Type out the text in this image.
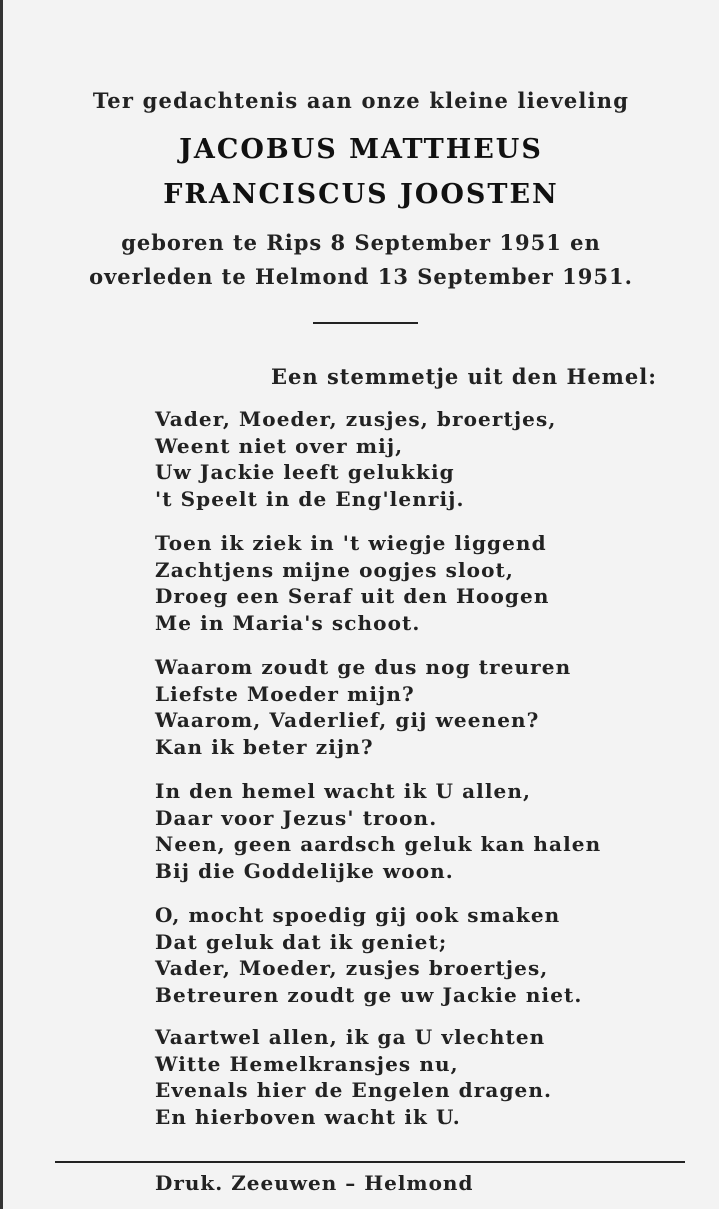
Ter gedachtenis aan onze kleine lieveling
JACOBUS MATTHEUS
FRANCISCUS JOOSTEN
geboren te Rips 8 September 1951 en
overleden te Helmond 13 September 1951.
Een stemmetje uit den Hemel:
Vader, Moeder, zusjes, broertjes,
Weent niet over mij,
Uw Jackie leeft gelukkig
't Speelt in de Eng'lenrij.
Toen ik ziek in 't wiegje liggend
Zachtjens mijne oogjes sloot,
Droeg een Seraf uit den Hoogen
Me in Maria's schoot.
Waarom zoudt ge dus nog treuren
Liefste Moeder mijn?
Waarom, Vaderlief, gij weenen?
Kan ik beter zijn?
In den hemel wacht ik U allen,
Daar voor Jezus' troon.
Neen, geen aardsch geluk kan halen
Bij die Goddelijke woon.
O, mocht spoedig gij ook smaken
Dat geluk dat ik geniet;
Vader, Moeder, zusjes broertjes,
Betreuren zoudt ge uw Jackie niet.
Vaartwel allen, ik ga U vlechten
Witte Hemelkransjes nu,
Evenals hier de Engelen dragen.
En hierboven wacht ik U.
Druk. Zeeuwen – Helmond
